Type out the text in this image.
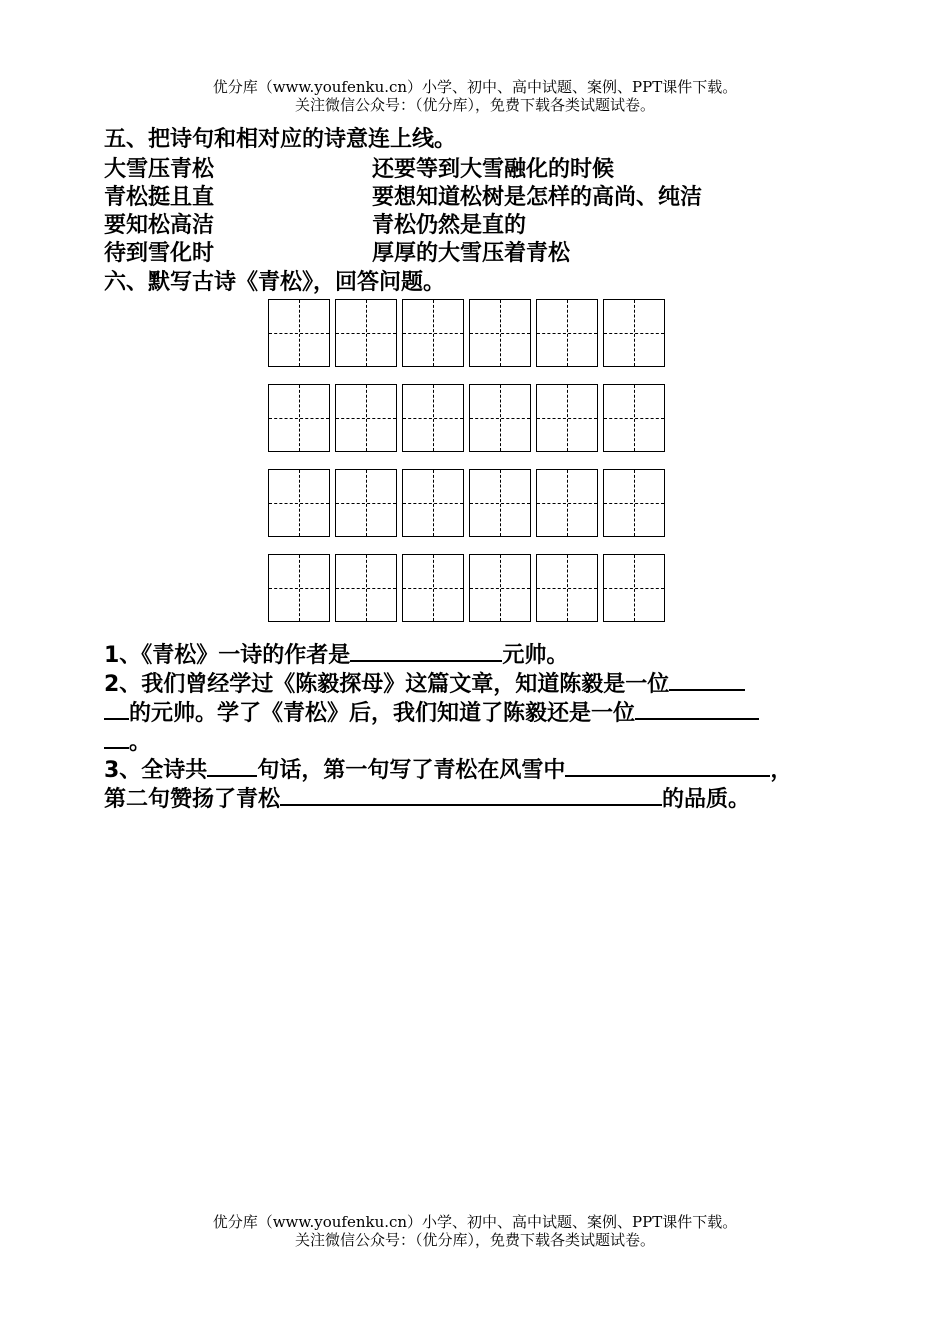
优分库（www.youfenku.cn）小学、初中、高中试题、案例、PPT课件下载。
关注微信公众号：（优分库），免费下载各类试题试卷。
五、把诗句和相对应的诗意连上线。
大雪压青松	还要等到大雪融化的时候
青松挺且直	要想知道松树是怎样的高尚、纯洁
要知松高洁	青松仍然是直的
待到雪化时	厚厚的大雪压着青松
六、默写古诗《青松》，回答问题。
1、《青松》一诗的作者是	元帅。
2、我们曾经学过《陈毅探母》这篇文章，知道陈毅是一位
的元帅。学了《青松》后，我们知道了陈毅还是一位
。
3、全诗共 句话，第一句写了青松在风雪中	，
第二句赞扬了青松	的品质。
优分库（www.youfenku.cn）小学、初中、高中试题、案例、PPT课件下载。
关注微信公众号：（优分库），免费下载各类试题试卷。
